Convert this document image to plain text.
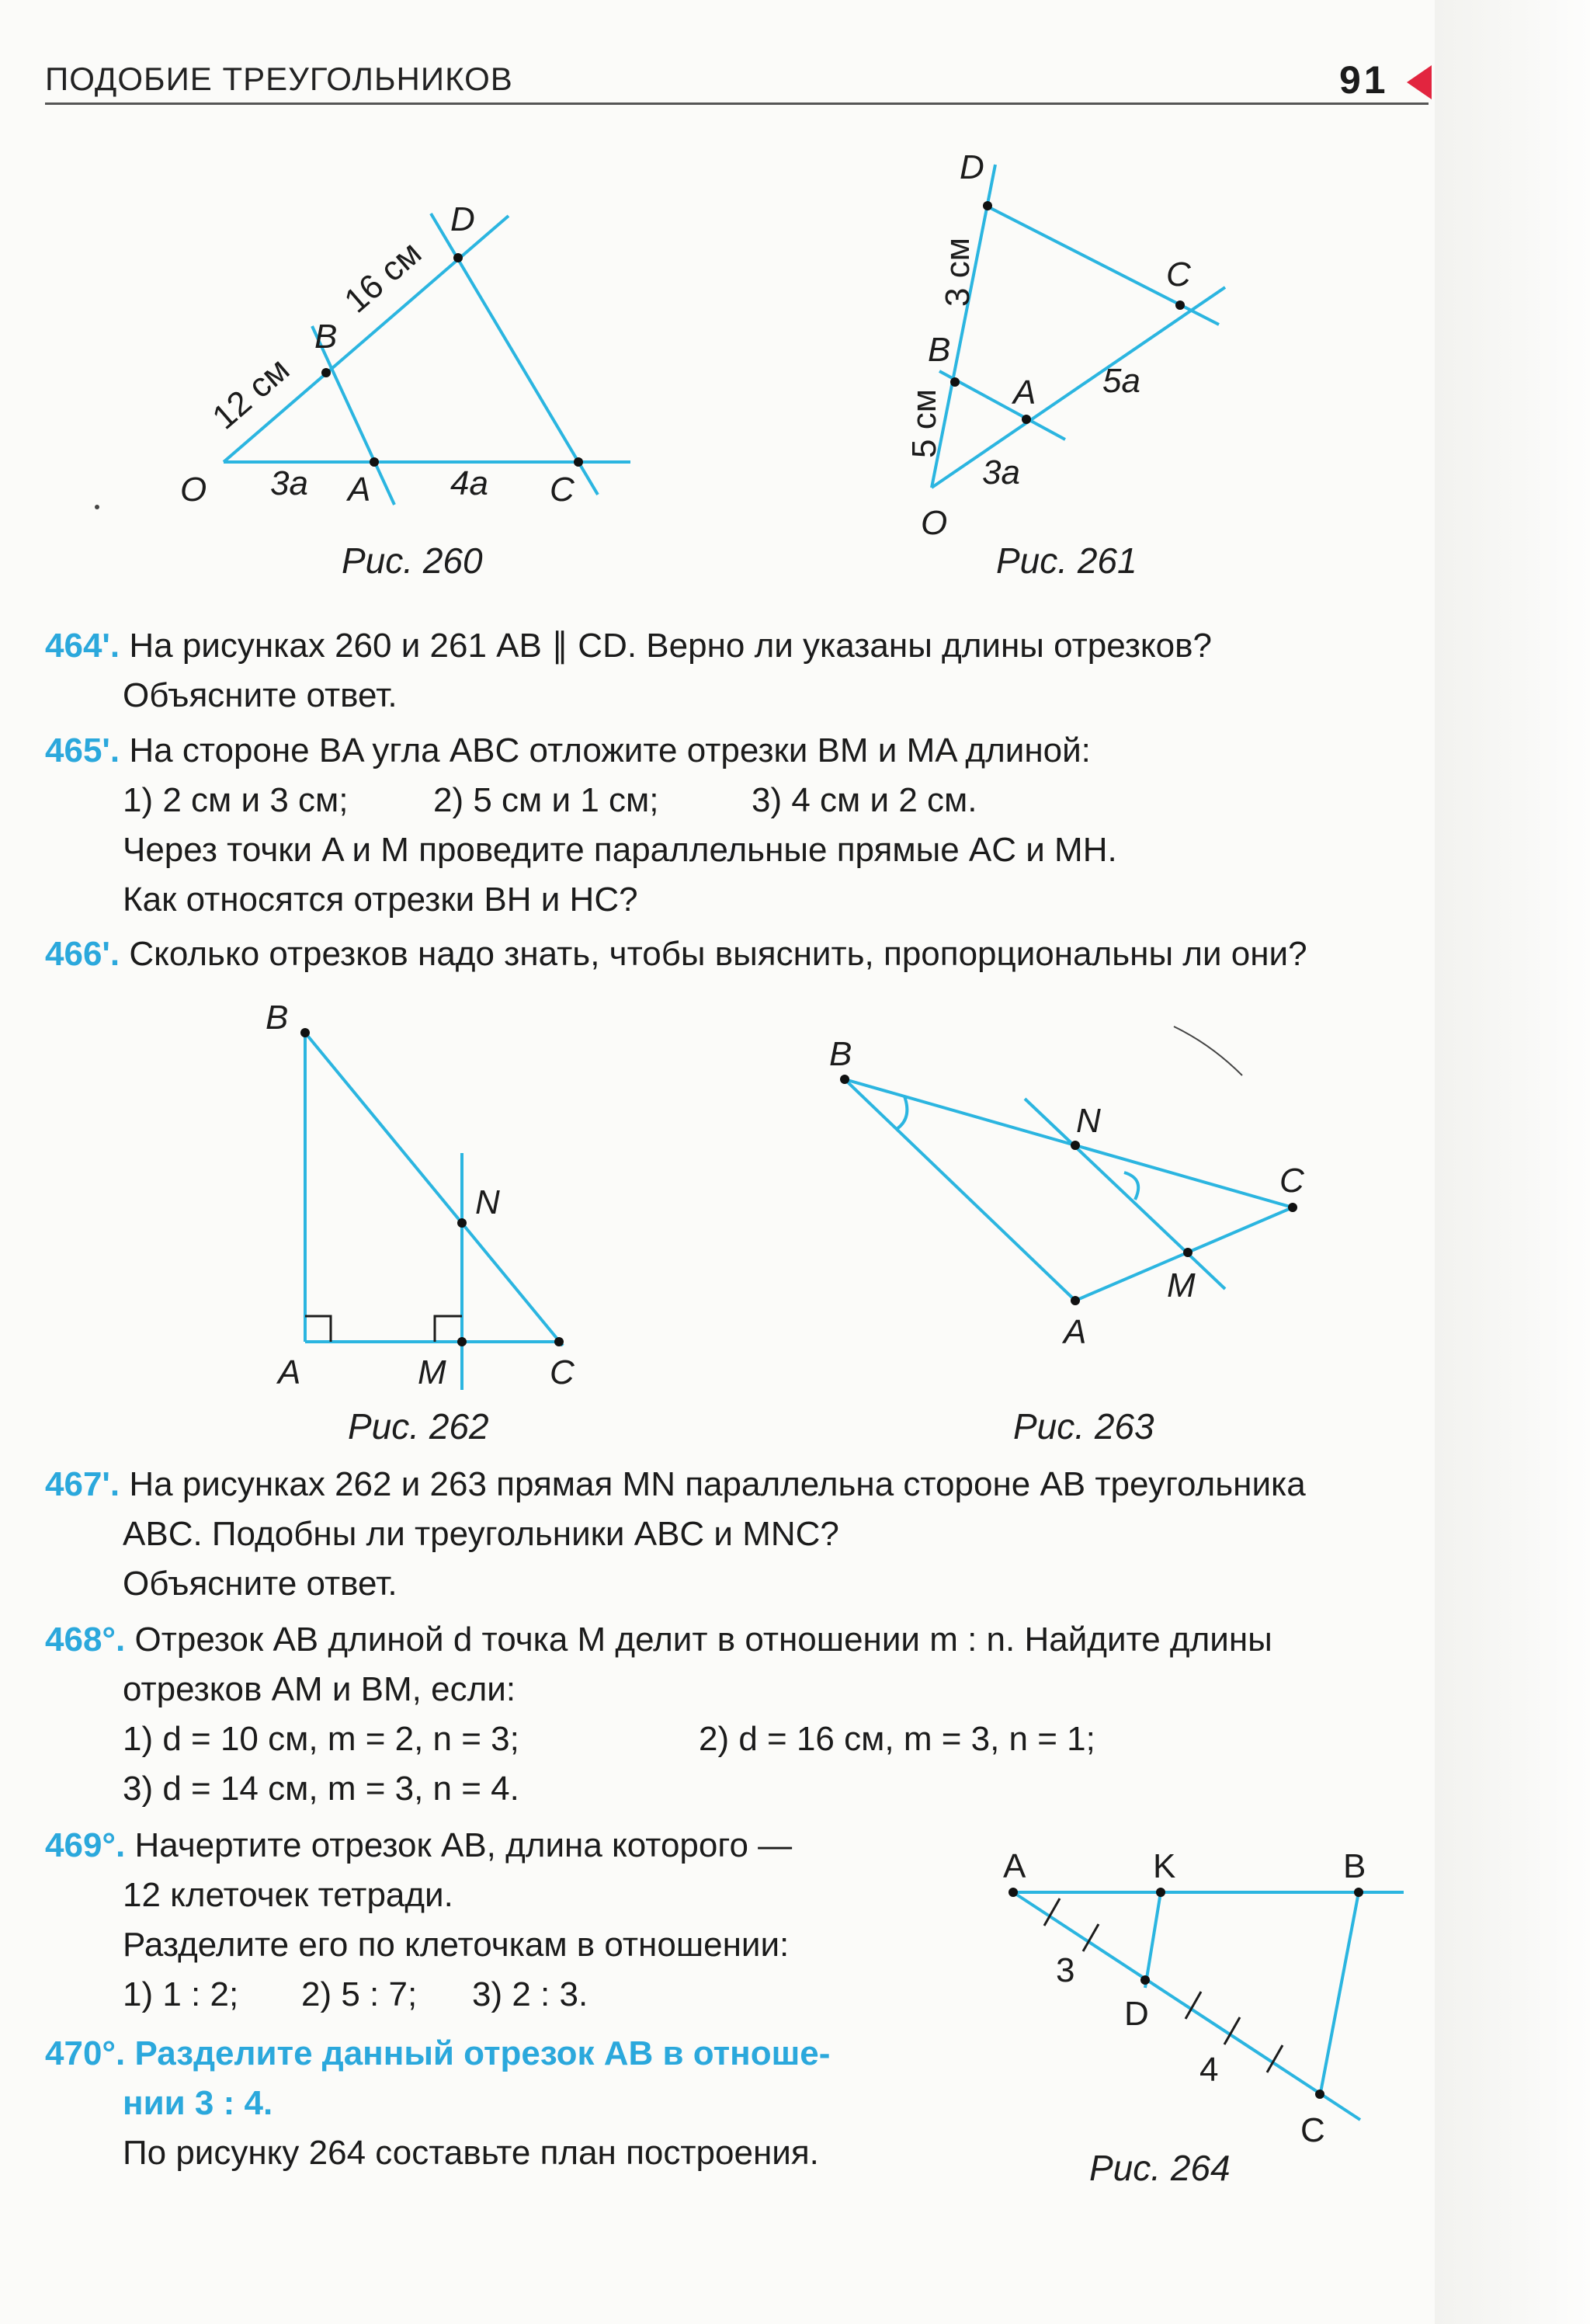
ПОДОБИЕ ТРЕУГОЛЬНИКОВ	91
O
B
D
A	C
12 см
16 см
3a	4a
Рис. 260
D
C
B
A
O
3 см
5 см
5a
3a
Рис. 261
464'. На рисунках 260 и 261 AB ∥ CD. Верно ли указаны длины отрезков?
Объясните ответ.
465'. На стороне BA угла ABC отложите отрезки BM и MA длиной:
1) 2 см и 3 см; 2) 5 см и 1 см;	3) 4 см и 2 см.
Через точки A и M проведите параллельные прямые AC и MH.
Как относятся отрезки BH и HC?
466'. Сколько отрезков надо знать, чтобы выяснить, пропорциональны ли они?
B
N
A	M	C
Рис. 262
B
N
C
M
A
Рис. 263
467'. На рисунках 262 и 263 прямая MN параллельна стороне AB треугольника
ABC. Подобны ли треугольники ABC и MNC?
Объясните ответ.
468°. Отрезок AB длиной d точка M делит в отношении m : n. Найдите длины
отрезков AM и BM, если:
1) d = 10 см, m = 2, n = 3;	2) d = 16 см, m = 3, n = 1;
3) d = 14 см, m = 3, n = 4.
469°. Начертите отрезок AB, длина которого —
12 клеточек тетради.
Разделите его по клеточкам в отношении:
1) 1 : 2; 2) 5 : 7; 3) 2 : 3.
470°. Разделите данный отрезок AB в отноше-
нии 3 : 4.
По рисунку 264 составьте план построения.
A	K	B
D
C
3
4
Рис. 264
